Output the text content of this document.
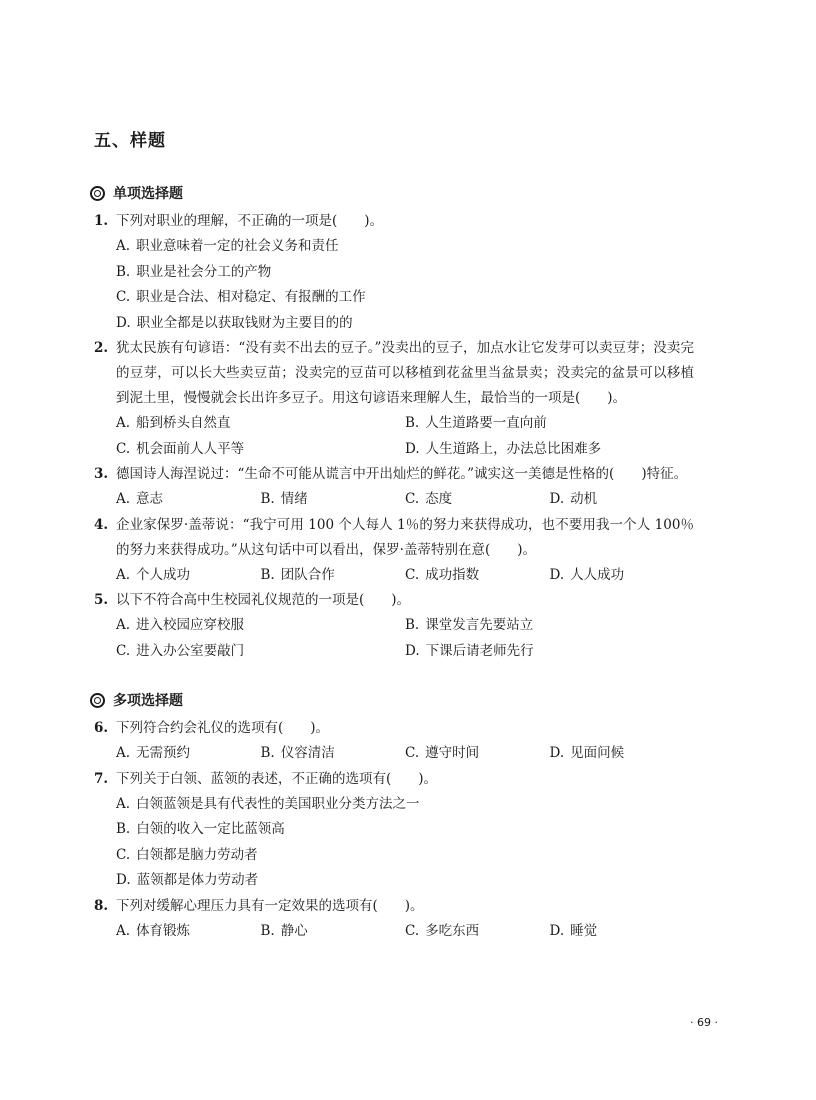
五、样题
单项选择题
1. 下列对职业的理解，不正确的一项是(　　)。
A. 职业意味着一定的社会义务和责任
B. 职业是社会分工的产物
C. 职业是合法、相对稳定、有报酬的工作
D. 职业全都是以获取钱财为主要目的的
2. 犹太民族有句谚语：“没有卖不出去的豆子。”没卖出的豆子，加点水让它发芽可以卖豆芽；没卖完的豆芽，可以长大些卖豆苗；没卖完的豆苗可以移植到花盆里当盆景卖；没卖完的盆景可以移植到泥土里，慢慢就会长出许多豆子。用这句谚语来理解人生，最恰当的一项是(　　)。
A. 船到桥头自然直	B. 人生道路要一直向前
C. 机会面前人人平等	D. 人生道路上，办法总比困难多
3. 德国诗人海涅说过：“生命不可能从谎言中开出灿烂的鲜花。”诚实这一美德是性格的(　　)特征。
A. 意志	B. 情绪	C. 态度	D. 动机
4. 企业家保罗·盖蒂说：“我宁可用 100 个人每人 1％的努力来获得成功，也不要用我一个人 100％的努力来获得成功。”从这句话中可以看出，保罗·盖蒂特别在意(　　)。
A. 个人成功	B. 团队合作	C. 成功指数	D. 人人成功
5. 以下不符合高中生校园礼仪规范的一项是(　　)。
A. 进入校园应穿校服	B. 课堂发言先要站立
C. 进入办公室要敲门	D. 下课后请老师先行
多项选择题
6. 下列符合约会礼仪的选项有(　　)。
A. 无需预约	B. 仪容清洁	C. 遵守时间	D. 见面问候
7. 下列关于白领、蓝领的表述，不正确的选项有(　　)。
A. 白领蓝领是具有代表性的美国职业分类方法之一
B. 白领的收入一定比蓝领高
C. 白领都是脑力劳动者
D. 蓝领都是体力劳动者
8. 下列对缓解心理压力具有一定效果的选项有(　　)。
A. 体育锻炼	B. 静心	C. 多吃东西	D. 睡觉
· 69 ·
